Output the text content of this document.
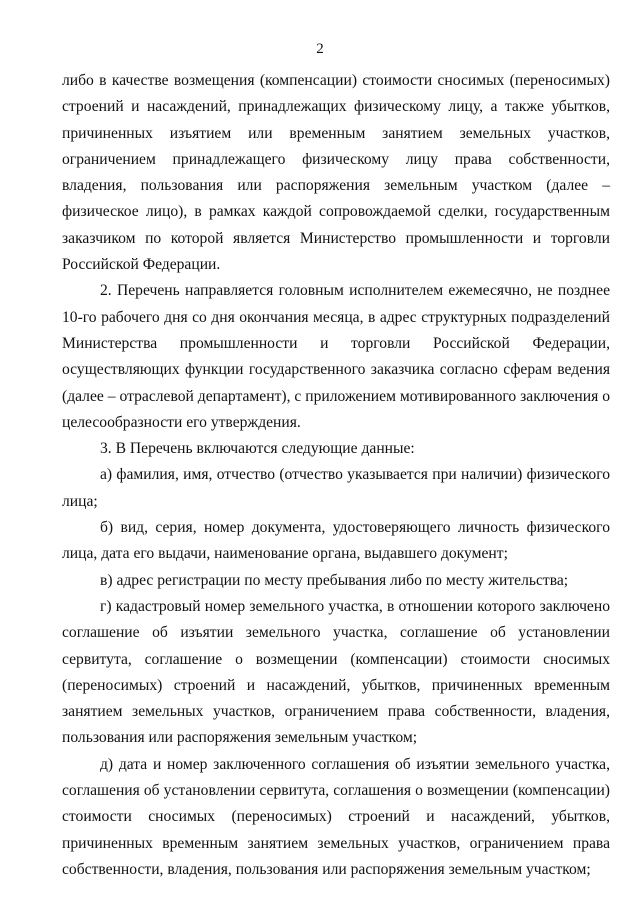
2

либо в качестве возмещения (компенсации) стоимости сносимых (переносимых) строений и насаждений, принадлежащих физическому лицу, а также убытков, причиненных изъятием или временным занятием земельных участков, ограничением принадлежащего физическому лицу права собственности, владения, пользования или распоряжения земельным участком (далее – физическое лицо), в рамках каждой сопровождаемой сделки, государственным заказчиком по которой является Министерство промышленности и торговли Российской Федерации.

2. Перечень направляется головным исполнителем ежемесячно, не позднее 10-го рабочего дня со дня окончания месяца, в адрес структурных подразделений Министерства промышленности и торговли Российской Федерации, осуществляющих функции государственного заказчика согласно сферам ведения (далее – отраслевой департамент), с приложением мотивированного заключения о целесообразности его утверждения.

3. В Перечень включаются следующие данные:

а) фамилия, имя, отчество (отчество указывается при наличии) физического лица;

б) вид, серия, номер документа, удостоверяющего личность физического лица, дата его выдачи, наименование органа, выдавшего документ;

в) адрес регистрации по месту пребывания либо по месту жительства;

г) кадастровый номер земельного участка, в отношении которого заключено соглашение об изъятии земельного участка, соглашение об установлении сервитута, соглашение о возмещении (компенсации) стоимости сносимых (переносимых) строений и насаждений, убытков, причиненных временным занятием земельных участков, ограничением права собственности, владения, пользования или распоряжения земельным участком;

д) дата и номер заключенного соглашения об изъятии земельного участка, соглашения об установлении сервитута, соглашения о возмещении (компенсации) стоимости сносимых (переносимых) строений и насаждений, убытков, причиненных временным занятием земельных участков, ограничением права собственности, владения, пользования или распоряжения земельным участком;
